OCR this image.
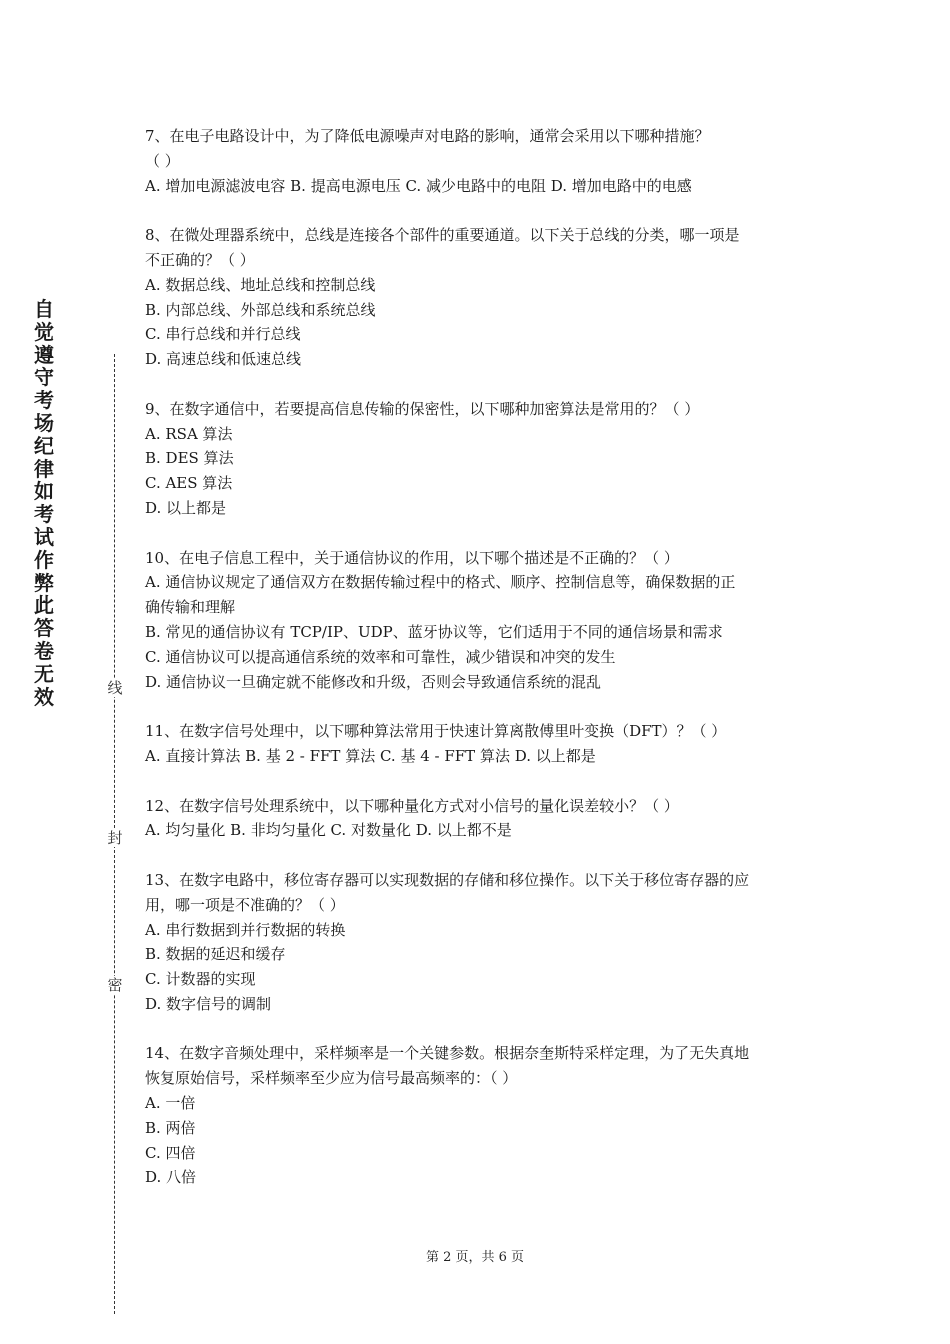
自
觉
遵
守
考
场
纪
律
如
考
试
作
弊
此
答
卷
无
效	线
封
密
7、在电子电路设计中，为了降低电源噪声对电路的影响，通常会采用以下哪种措施？
（ ）
A. 增加电源滤波电容 B. 提高电源电压 C. 减少电路中的电阻 D. 增加电路中的电感
8、在微处理器系统中，总线是连接各个部件的重要通道。以下关于总线的分类，哪一项是
不正确的？（ ）
A. 数据总线、地址总线和控制总线
B. 内部总线、外部总线和系统总线
C. 串行总线和并行总线
D. 高速总线和低速总线
9、在数字通信中，若要提高信息传输的保密性，以下哪种加密算法是常用的？（ ）
A. RSA 算法
B. DES 算法
C. AES 算法
D. 以上都是
10、在电子信息工程中，关于通信协议的作用，以下哪个描述是不正确的？（ ）
A. 通信协议规定了通信双方在数据传输过程中的格式、顺序、控制信息等，确保数据的正
确传输和理解
B. 常见的通信协议有 TCP/IP、UDP、蓝牙协议等，它们适用于不同的通信场景和需求
C. 通信协议可以提高通信系统的效率和可靠性，减少错误和冲突的发生
D. 通信协议一旦确定就不能修改和升级，否则会导致通信系统的混乱
11、在数字信号处理中，以下哪种算法常用于快速计算离散傅里叶变换（DFT）？（ ）
A. 直接计算法 B. 基 2 - FFT 算法 C. 基 4 - FFT 算法 D. 以上都是
12、在数字信号处理系统中，以下哪种量化方式对小信号的量化误差较小？（ ）
A. 均匀量化 B. 非均匀量化 C. 对数量化 D. 以上都不是
13、在数字电路中，移位寄存器可以实现数据的存储和移位操作。以下关于移位寄存器的应
用，哪一项是不准确的？（ ）
A. 串行数据到并行数据的转换
B. 数据的延迟和缓存
C. 计数器的实现
D. 数字信号的调制
14、在数字音频处理中，采样频率是一个关键参数。根据奈奎斯特采样定理，为了无失真地
恢复原始信号，采样频率至少应为信号最高频率的：（ ）
A. 一倍
B. 两倍
C. 四倍
D. 八倍
第 2 页，共 6 页
